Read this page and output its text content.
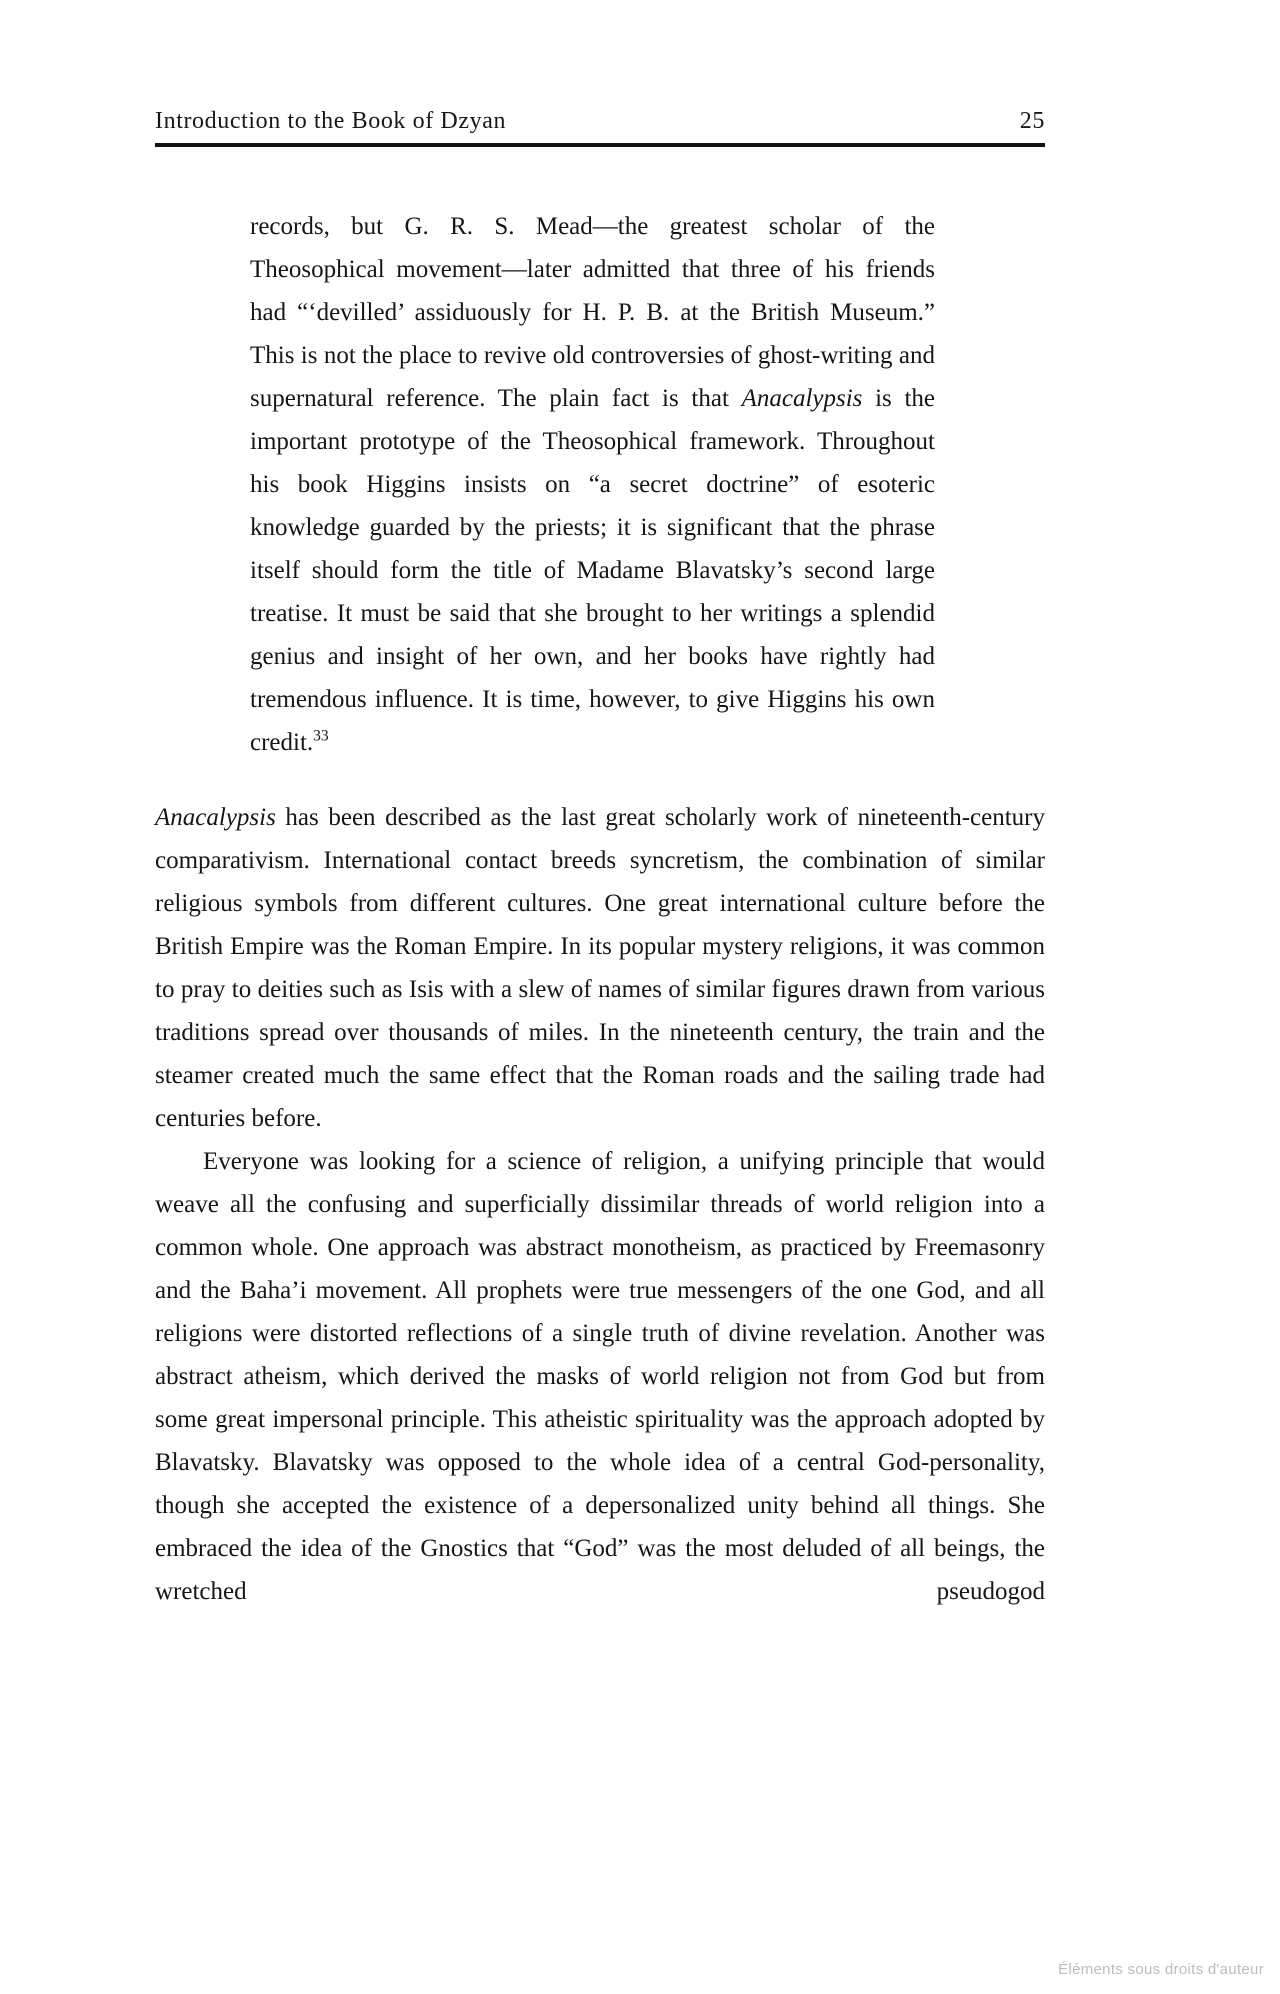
Introduction to the Book of Dzyan	25
records, but G. R. S. Mead—the greatest scholar of the Theosophical movement—later admitted that three of his friends had “‘devilled’ assiduously for H. P. B. at the British Museum.” This is not the place to revive old controversies of ghost-writing and supernatural reference. The plain fact is that Anacalypsis is the important prototype of the Theosophical framework. Throughout his book Higgins insists on “a secret doctrine” of esoteric knowledge guarded by the priests; it is significant that the phrase itself should form the title of Madame Blavatsky’s second large treatise. It must be said that she brought to her writings a splendid genius and insight of her own, and her books have rightly had tremendous influence. It is time, however, to give Higgins his own credit.$^{33}$

Anacalypsis has been described as the last great scholarly work of nineteenth-century comparativism. International contact breeds syncretism, the combination of similar religious symbols from different cultures. One great international culture before the British Empire was the Roman Empire. In its popular mystery religions, it was common to pray to deities such as Isis with a slew of names of similar figures drawn from various traditions spread over thousands of miles. In the nineteenth century, the train and the steamer created much the same effect that the Roman roads and the sailing trade had centuries before.

Everyone was looking for a science of religion, a unifying principle that would weave all the confusing and superficially dissimilar threads of world religion into a common whole. One approach was abstract monotheism, as practiced by Freemasonry and the Baha’i movement. All prophets were true messengers of the one God, and all religions were distorted reflections of a single truth of divine revelation. Another was abstract atheism, which derived the masks of world religion not from God but from some great impersonal principle. This atheistic spirituality was the approach adopted by Blavatsky. Blavatsky was opposed to the whole idea of a central God-personality, though she accepted the existence of a depersonalized unity behind all things. She embraced the idea of the Gnostics that “God” was the most deluded of all beings, the wretched pseudogod

Éléments sous droits d'auteur
